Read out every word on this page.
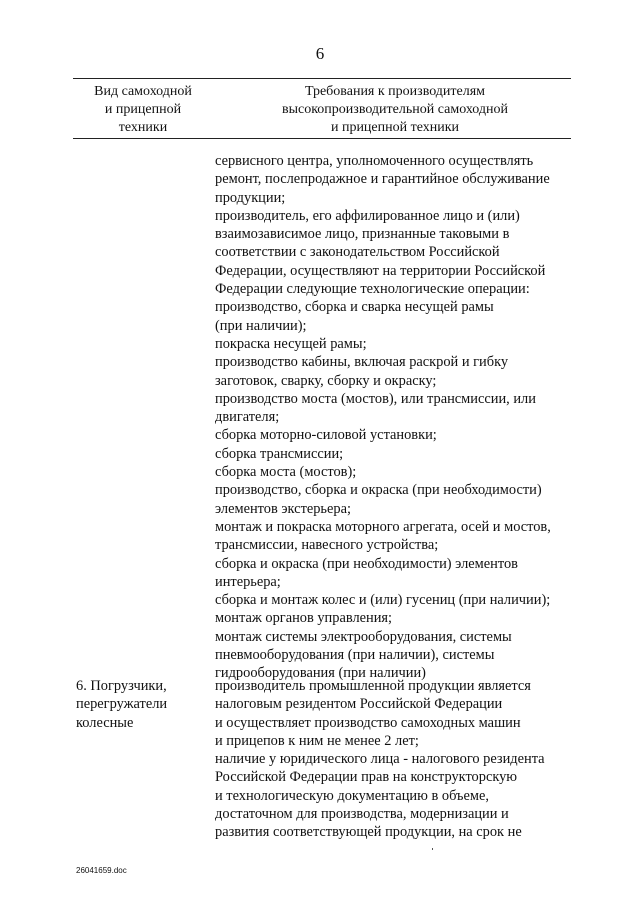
6
Вид самоходной
и прицепной
техники
Требования к производителям
высокопроизводительной самоходной
и прицепной техники
сервисного центра, уполномоченного осуществлять
ремонт, послепродажное и гарантийное обслуживание
продукции;
производитель, его аффилированное лицо и (или)
взаимозависимое лицо, признанные таковыми в
соответствии с законодательством Российской
Федерации, осуществляют на территории Российской
Федерации следующие технологические операции:
производство, сборка и сварка несущей рамы
(при наличии);
покраска несущей рамы;
производство кабины, включая раскрой и гибку
заготовок, сварку, сборку и окраску;
производство моста (мостов), или трансмиссии, или
двигателя;
сборка моторно-силовой установки;
сборка трансмиссии;
сборка моста (мостов);
производство, сборка и окраска (при необходимости)
элементов экстерьера;
монтаж и покраска моторного агрегата, осей и мостов,
трансмиссии, навесного устройства;
сборка и окраска (при необходимости) элементов
интерьера;
сборка и монтаж колес и (или) гусениц (при наличии);
монтаж органов управления;
монтаж системы электрооборудования, системы
пневмооборудования (при наличии), системы
гидрооборудования (при наличии)
6. Погрузчики,
перегружатели
колесные
производитель промышленной продукции является
налоговым резидентом Российской Федерации
и осуществляет производство самоходных машин
и прицепов к ним не менее 2 лет;
наличие у юридического лица - налогового резидента
Российской Федерации прав на конструкторскую
и технологическую документацию в объеме,
достаточном для производства, модернизации и
развития соответствующей продукции, на срок не
26041659.doc
